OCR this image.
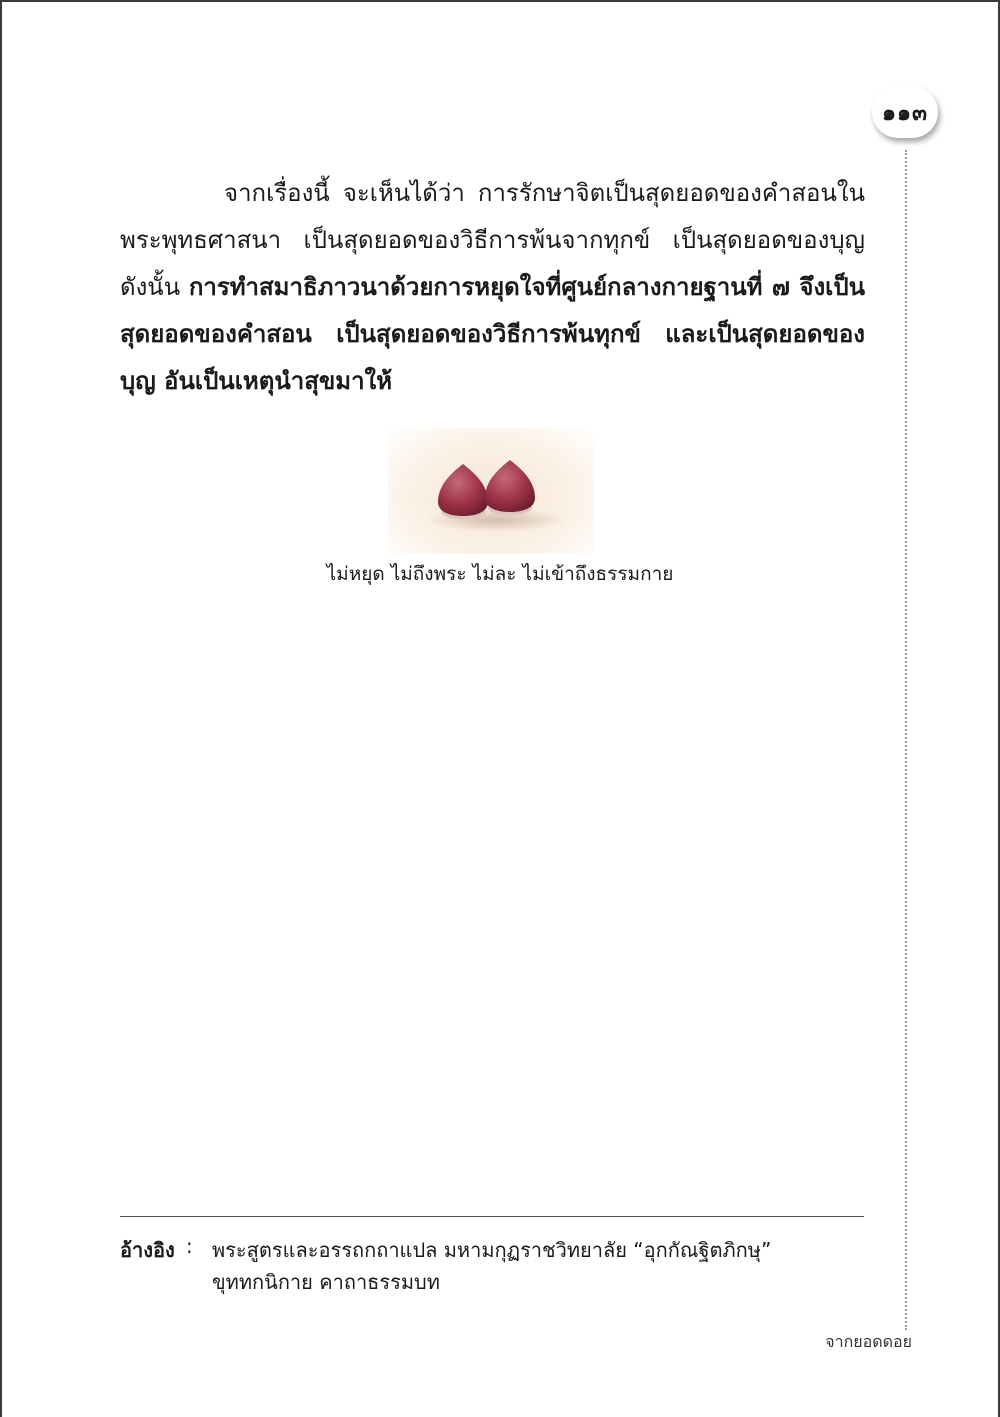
๑๑๓

จากเรื่องนี้ จะเห็นได้ว่า การรักษาจิตเป็นสุดยอดของคำสอนในพระพุทธศาสนา เป็นสุดยอดของวิธีการพ้นจากทุกข์ เป็นสุดยอดของบุญ ดังนั้น การทำสมาธิภาวนาด้วยการหยุดใจที่ศูนย์กลางกายฐานที่ ๗ จึงเป็นสุดยอดของคำสอน เป็นสุดยอดของวิธีการพ้นทุกข์ และเป็นสุดยอดของบุญ อันเป็นเหตุนำสุขมาให้

ไม่หยุด ไม่ถึงพระ ไม่ละ ไม่เข้าถึงธรรมกาย
อ้างอิง : พระสูตรและอรรถกถาแปล มหามกุฏราชวิทยาลัย “อุกกัณฐิตภิกษุ”
ขุททกนิกาย คาถาธรรมบท
จากยอดดอย
